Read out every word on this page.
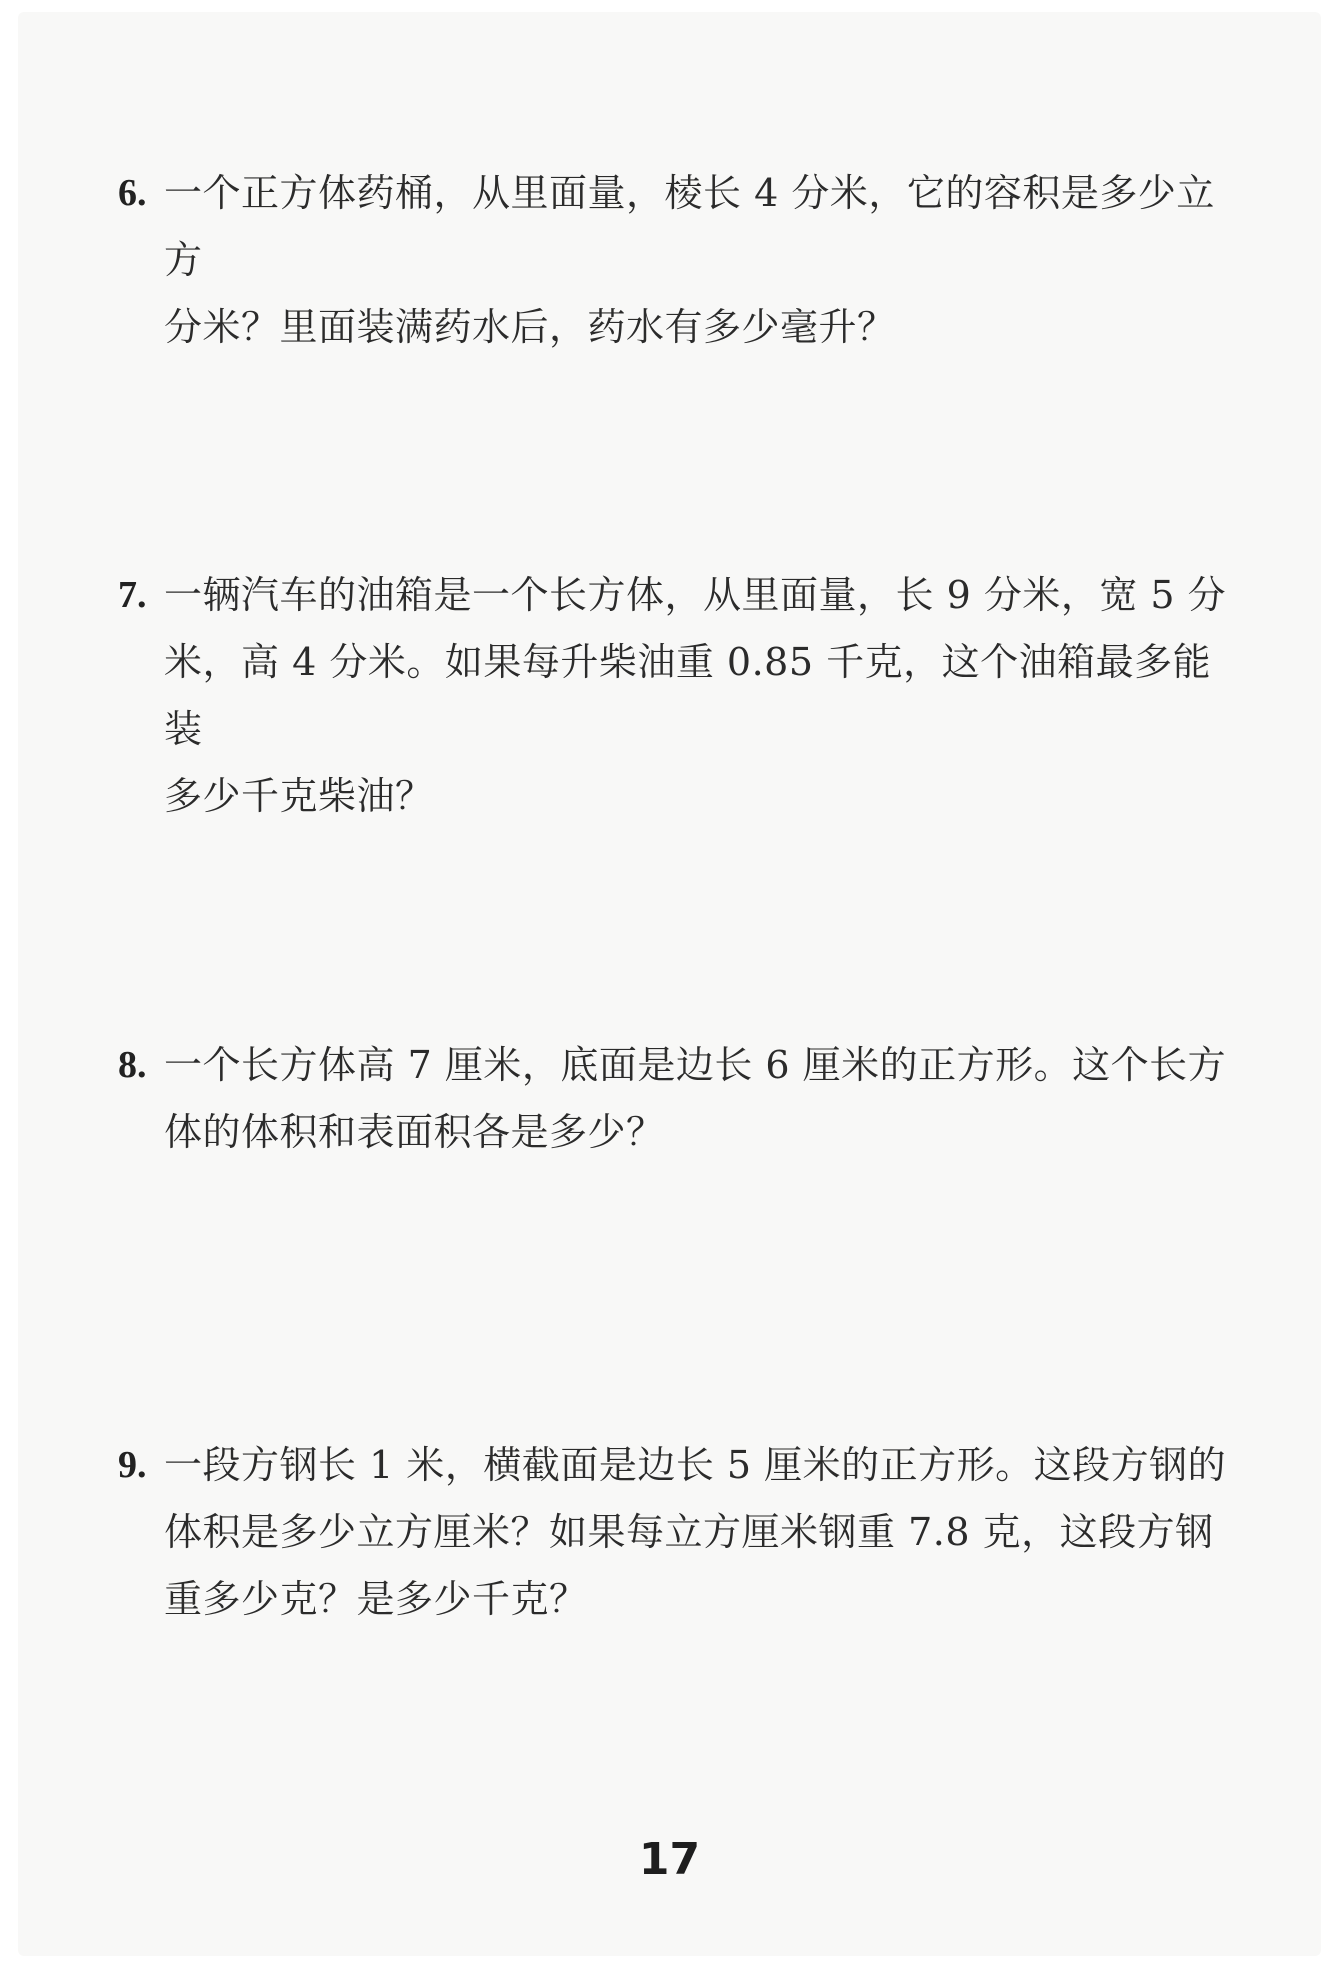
6. 一个正方体药桶，从里面量，棱长 4 分米，它的容积是多少立方
分米？里面装满药水后，药水有多少毫升？
7. 一辆汽车的油箱是一个长方体，从里面量，长 9 分米，宽 5 分
米，高 4 分米。如果每升柴油重 0.85 千克，这个油箱最多能装
多少千克柴油？
8. 一个长方体高 7 厘米，底面是边长 6 厘米的正方形。这个长方
体的体积和表面积各是多少？
9. 一段方钢长 1 米，横截面是边长 5 厘米的正方形。这段方钢的
体积是多少立方厘米？如果每立方厘米钢重 7.8 克，这段方钢
重多少克？是多少千克？
17
